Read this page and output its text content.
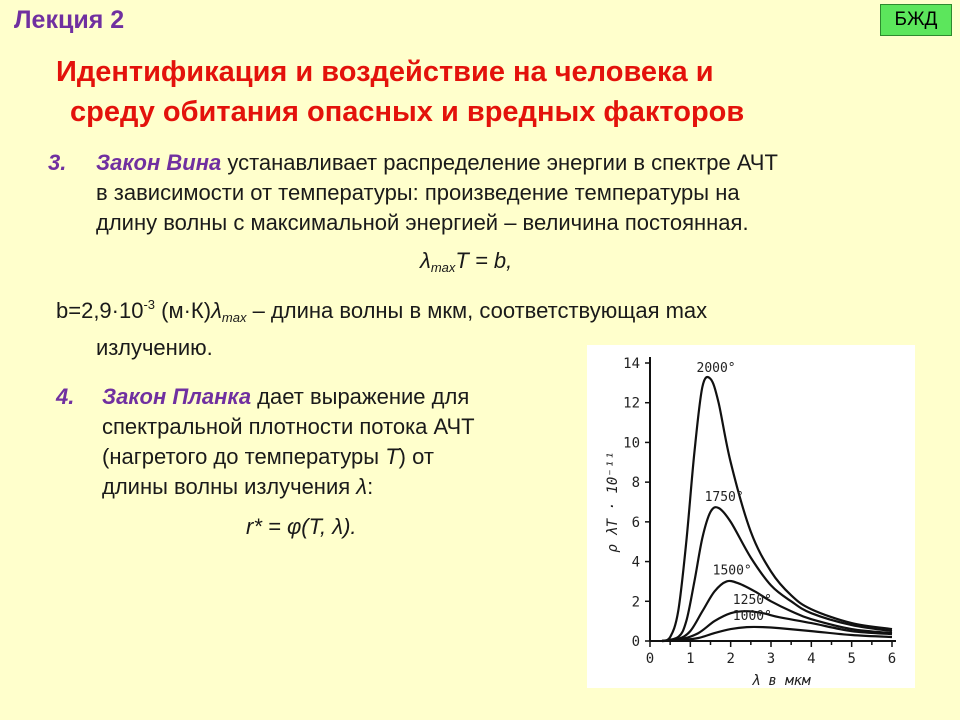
Лекция 2	БЖД
Идентификация и воздействие на человека и
среду обитания опасных и вредных факторов
3.	Закон Вина устанавливает распределение энергии в спектре АЧТ
в зависимости от температуры: произведение температуры на
длину волны с максимальной энергией – величина постоянная.
$\lambda_{max}T = b$,
$b=2,9\cdot 10^{-3}$ $(м\cdot К)\lambda_{max}$ – длина волны в мкм, соответствующая max
излучению.
4.	Закон Планка дает выражение для
спектральной плотности потока АЧТ
(нагретого до температуры T) от
длины волны излучения λ:
r* = φ(T, λ).
0
2
4
6
8
10
12
14
0 1 2 3 4 5 6
λ в мкм
ρ λT · 10⁻¹¹
2000°
1750°
1500°
1250°
1000°
